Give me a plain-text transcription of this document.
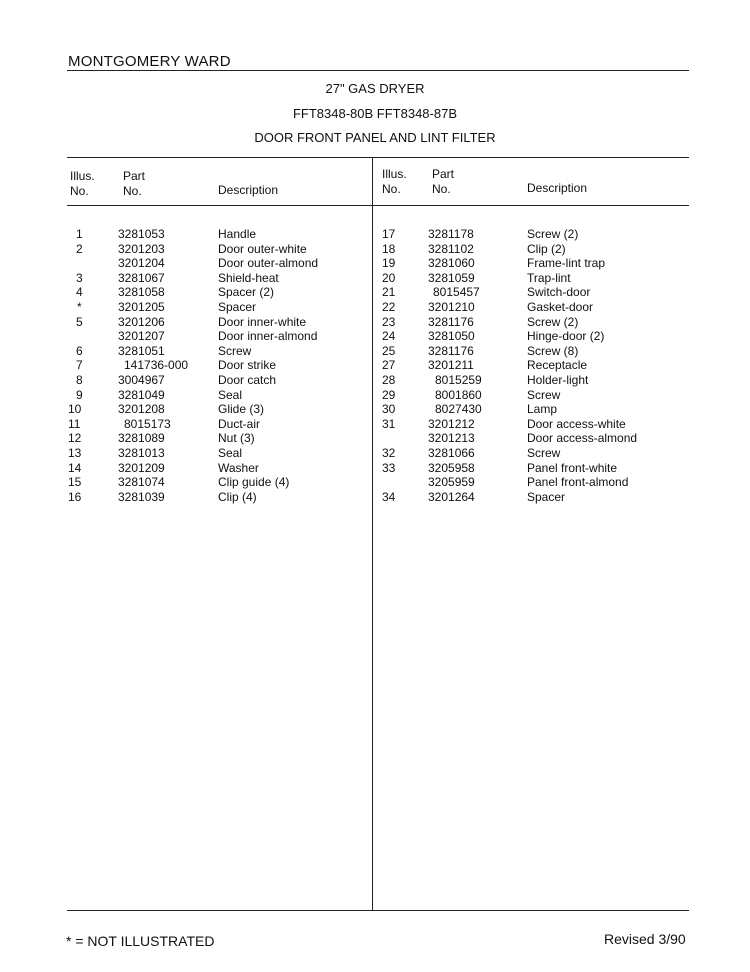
MONTGOMERY WARD
27" GAS DRYER
FFT8348-80B FFT8348-87B
DOOR FRONT PANEL AND LINT FILTER
Illus.
No.
Part
No.	Description
Illus.
No.
Part
No.	Description
1	3281053	Handle
2	3201203	Door outer-white
3201204	Door outer-almond
3	3281067	Shield-heat
4	3281058	Spacer (2)
*	3201205	Spacer
5	3201206	Door inner-white
3201207	Door inner-almond
6	3281051	Screw
7	141736-000 Door strike
8	3004967	Door catch
9	3281049	Seal
10	3201208	Glide (3)
11	8015173	Duct-air
12	3281089	Nut (3)
13	3281013	Seal
14	3201209	Washer
15	3281074	Clip guide (4)
16	3281039	Clip (4)
17	3281178	Screw (2)
18	3281102	Clip (2)
19	3281060	Frame-lint trap
20	3281059	Trap-lint
21	8015457	Switch-door
22	3201210	Gasket-door
23	3281176	Screw (2)
24	3281050	Hinge-door (2)
25	3281176	Screw (8)
27	3201211	Receptacle
28	8015259	Holder-light
29	8001860	Screw
30	8027430	Lamp
31	3201212	Door access-white
3201213	Door access-almond
32	3281066	Screw
33	3205958	Panel front-white
3205959	Panel front-almond
34	3201264	Spacer
* = NOT ILLUSTRATED	Revised 3/90
